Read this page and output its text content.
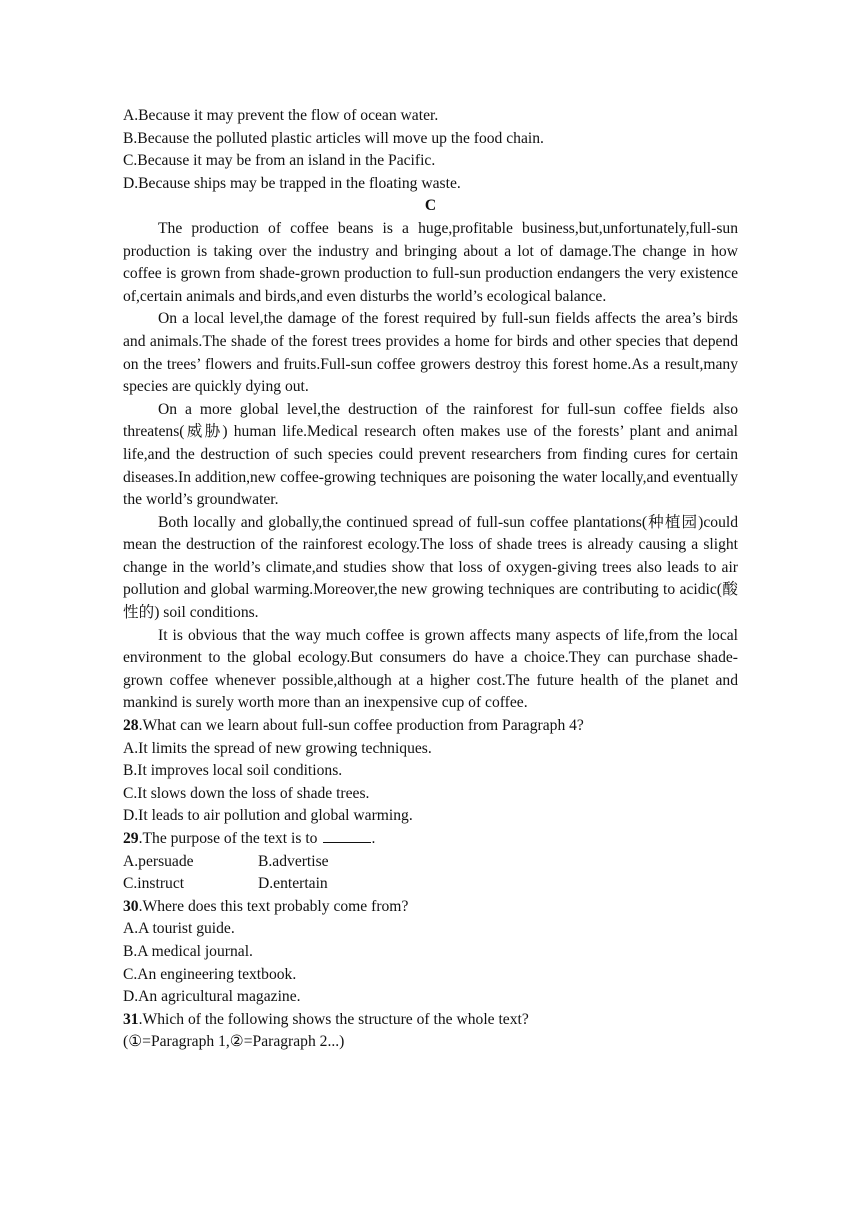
A.Because it may prevent the flow of ocean water.

B.Because the polluted plastic articles will move up the food chain.

C.Because it may be from an island in the Pacific.

D.Because ships may be trapped in the floating waste.

C

The production of coffee beans is a huge,profitable business,but,unfortunately,full-sun production is taking over the industry and bringing about a lot of damage.The change in how coffee is grown from shade-grown production to full-sun production endangers the very existence of,certain animals and birds,and even disturbs the world’s ecological balance.

On a local level,the damage of the forest required by full-sun fields affects the area’s birds and animals.The shade of the forest trees provides a home for birds and other species that depend on the trees’ flowers and fruits.Full-sun coffee growers destroy this forest home.As a result,many species are quickly dying out.

On a more global level,the destruction of the rainforest for full-sun coffee fields also threatens(威胁) human life.Medical research often makes use of the forests’ plant and animal life,and the destruction of such species could prevent researchers from finding cures for certain diseases.In addition,new coffee-growing techniques are poisoning the water locally,and eventually the world’s groundwater.

Both locally and globally,the continued spread of full-sun coffee plantations(种植园)could mean the destruction of the rainforest ecology.The loss of shade trees is already causing a slight change in the world’s climate,and studies show that loss of oxygen-giving trees also leads to air pollution and global warming.Moreover,the new growing techniques are contributing to acidic(酸性的) soil conditions.

It is obvious that the way much coffee is grown affects many aspects of life,from the local environment to the global ecology.But consumers do have a choice.They can purchase shade-grown coffee whenever possible,although at a higher cost.The future health of the planet and mankind is surely worth more than an inexpensive cup of coffee.

28.What can we learn about full-sun coffee production from Paragraph 4?

A.It limits the spread of new growing techniques.

B.It improves local soil conditions.

C.It slows down the loss of shade trees.

D.It leads to air pollution and global warming.

29.The purpose of the text is to	.

A.persuade	B.advertise
C.instruct	D.entertain

30.Where does this text probably come from?

A.A tourist guide.

B.A medical journal.

C.An engineering textbook.

D.An agricultural magazine.

31.Which of the following shows the structure of the whole text?

(①=Paragraph 1,②=Paragraph 2...)
